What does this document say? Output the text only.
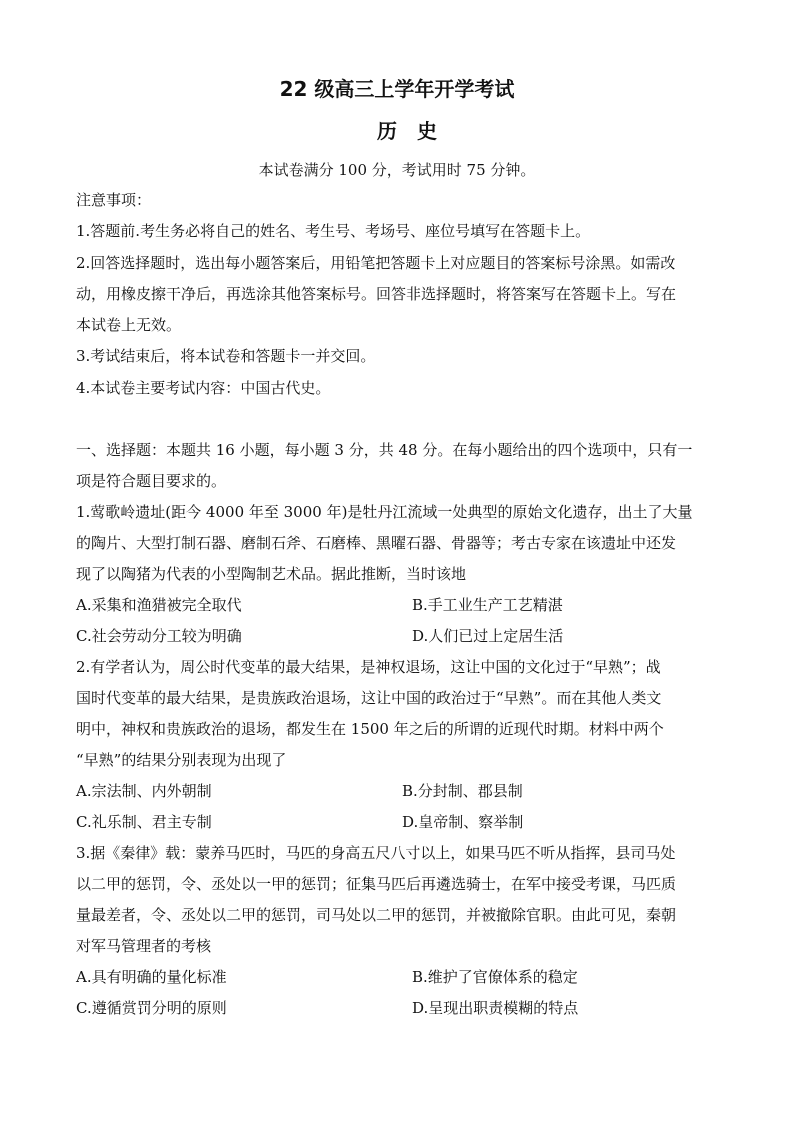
22 级高三上学年开学考试
历史
本试卷满分 100 分，考试用时 75 分钟。
注意事项：
1.答题前.考生务必将自己的姓名、考生号、考场号、座位号填写在答题卡上。
2.回答选择题时，选出每小题答案后，用铅笔把答题卡上对应题目的答案标号涂黑。如需改
动，用橡皮擦干净后，再选涂其他答案标号。回答非选择题时，将答案写在答题卡上。写在
本试卷上无效。
3.考试结束后，将本试卷和答题卡一并交回。
4.本试卷主要考试内容：中国古代史。
一、选择题：本题共 16 小题，每小题 3 分，共 48 分。在每小题给出的四个选项中，只有一
项是符合题目要求的。
1.莺歌岭遗址(距今 4000 年至 3000 年)是牡丹江流域一处典型的原始文化遗存，出土了大量
的陶片、大型打制石器、磨制石斧、石磨棒、黑曜石器、骨器等；考古专家在该遗址中还发
现了以陶猪为代表的小型陶制艺术品。据此推断，当时该地
A.采集和渔猎被完全取代	B.手工业生产工艺精湛
C.社会劳动分工较为明确	D.人们已过上定居生活
2.有学者认为，周公时代变革的最大结果，是神权退场，这让中国的文化过于“早熟”；战
国时代变革的最大结果，是贵族政治退场，这让中国的政治过于“早熟”。而在其他人类文
明中，神权和贵族政治的退场，都发生在 1500 年之后的所谓的近现代时期。材料中两个
“早熟”的结果分别表现为出现了
A.宗法制、内外朝制	B.分封制、郡县制
C.礼乐制、君主专制	D.皇帝制、察举制
3.据《秦律》载：蒙养马匹时，马匹的身高五尺八寸以上，如果马匹不听从指挥，县司马处
以二甲的惩罚，令、丞处以一甲的惩罚；征集马匹后再遴选骑士，在军中接受考课，马匹质
量最差者，令、丞处以二甲的惩罚，司马处以二甲的惩罚，并被撤除官职。由此可见，秦朝
对军马管理者的考核
A.具有明确的量化标准	B.维护了官僚体系的稳定
C.遵循赏罚分明的原则	D.呈现出职责模糊的特点
